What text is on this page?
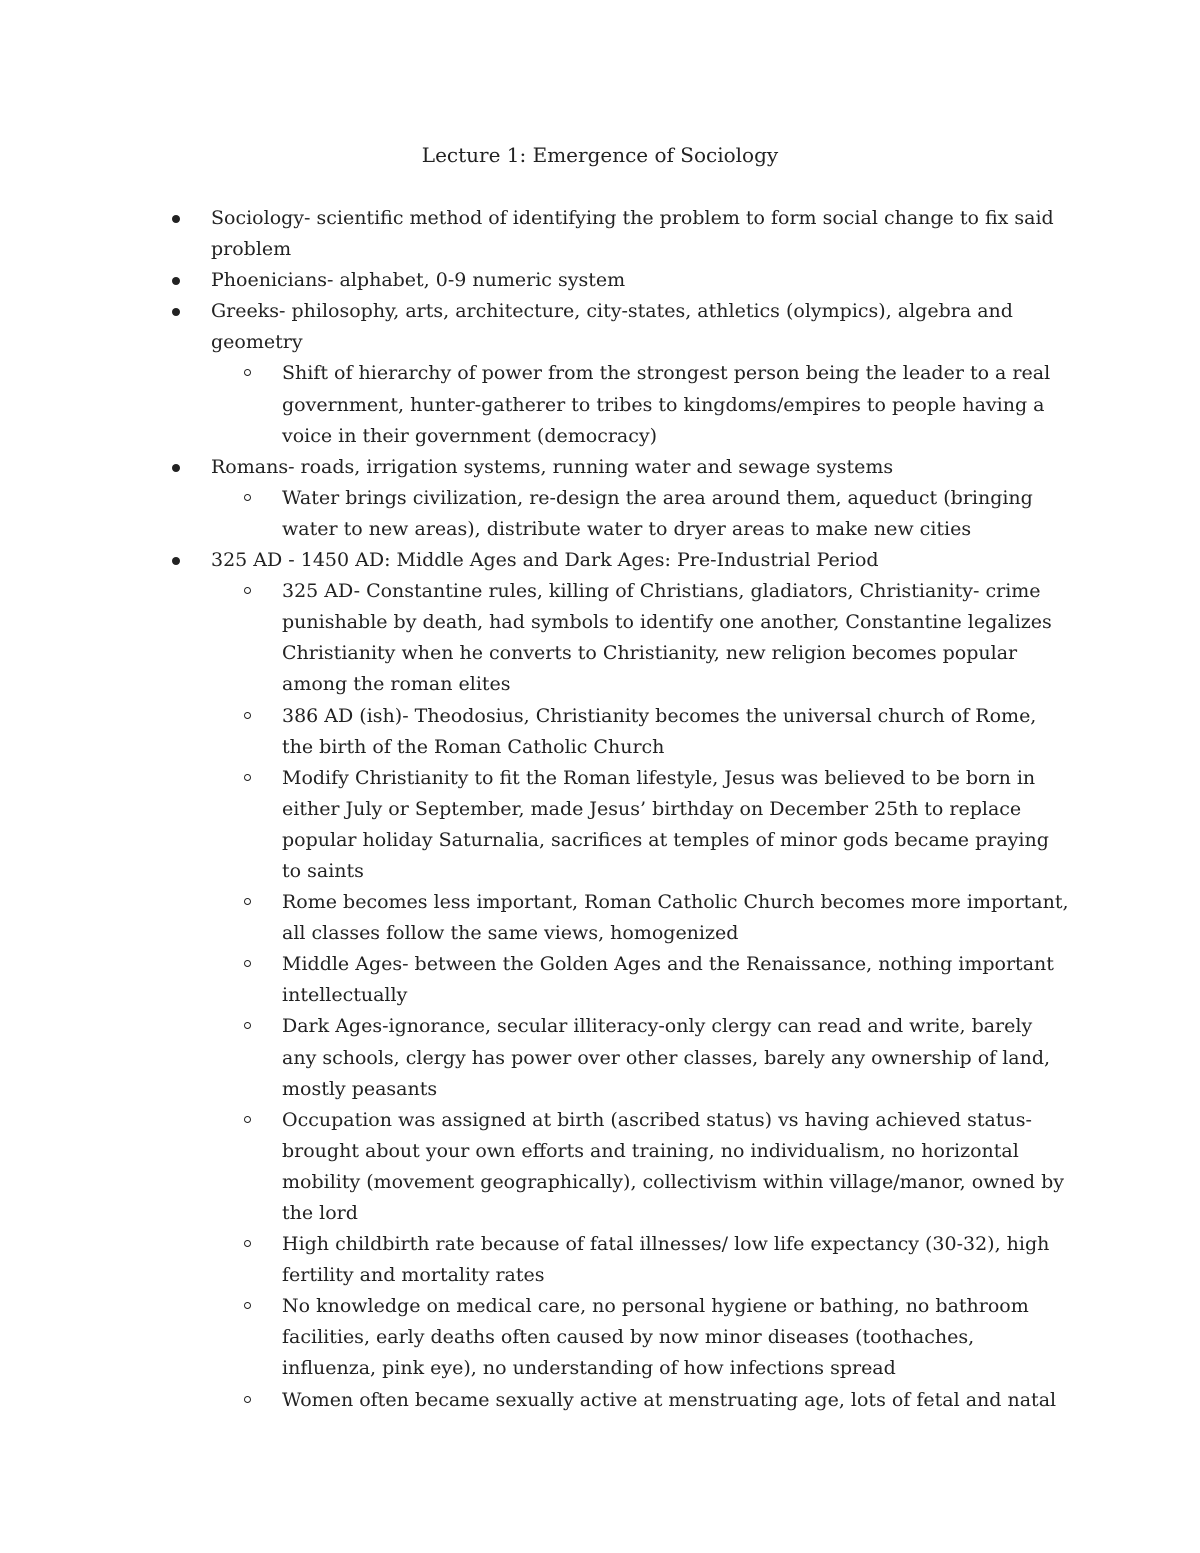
Lecture 1: Emergence of Sociology
Sociology- scientific method of identifying the problem to form social change to fix said problem
Phoenicians- alphabet, 0-9 numeric system
Greeks- philosophy, arts, architecture, city-states, athletics (olympics), algebra and geometry
Shift of hierarchy of power from the strongest person being the leader to a real government, hunter-gatherer to tribes to kingdoms/empires to people having a voice in their government (democracy)
Romans- roads, irrigation systems, running water and sewage systems
Water brings civilization, re-design the area around them, aqueduct (bringing water to new areas), distribute water to dryer areas to make new cities
325 AD - 1450 AD: Middle Ages and Dark Ages: Pre-Industrial Period
325 AD- Constantine rules, killing of Christians, gladiators, Christianity- crime punishable by death, had symbols to identify one another, Constantine legalizes Christianity when he converts to Christianity, new religion becomes popular among the roman elites
386 AD (ish)- Theodosius, Christianity becomes the universal church of Rome, the birth of the Roman Catholic Church
Modify Christianity to fit the Roman lifestyle, Jesus was believed to be born in either July or September, made Jesus’ birthday on December 25th to replace popular holiday Saturnalia, sacrifices at temples of minor gods became praying to saints
Rome becomes less important, Roman Catholic Church becomes more important, all classes follow the same views, homogenized
Middle Ages- between the Golden Ages and the Renaissance, nothing important intellectually
Dark Ages-ignorance, secular illiteracy-only clergy can read and write, barely any schools, clergy has power over other classes, barely any ownership of land, mostly peasants
Occupation was assigned at birth (ascribed status) vs having achieved status- brought about your own efforts and training, no individualism, no horizontal mobility (movement geographically), collectivism within village/manor, owned by the lord
High childbirth rate because of fatal illnesses/ low life expectancy (30-32), high fertility and mortality rates
No knowledge on medical care, no personal hygiene or bathing, no bathroom facilities, early deaths often caused by now minor diseases (toothaches, influenza, pink eye), no understanding of how infections spread
Women often became sexually active at menstruating age, lots of fetal and natal
